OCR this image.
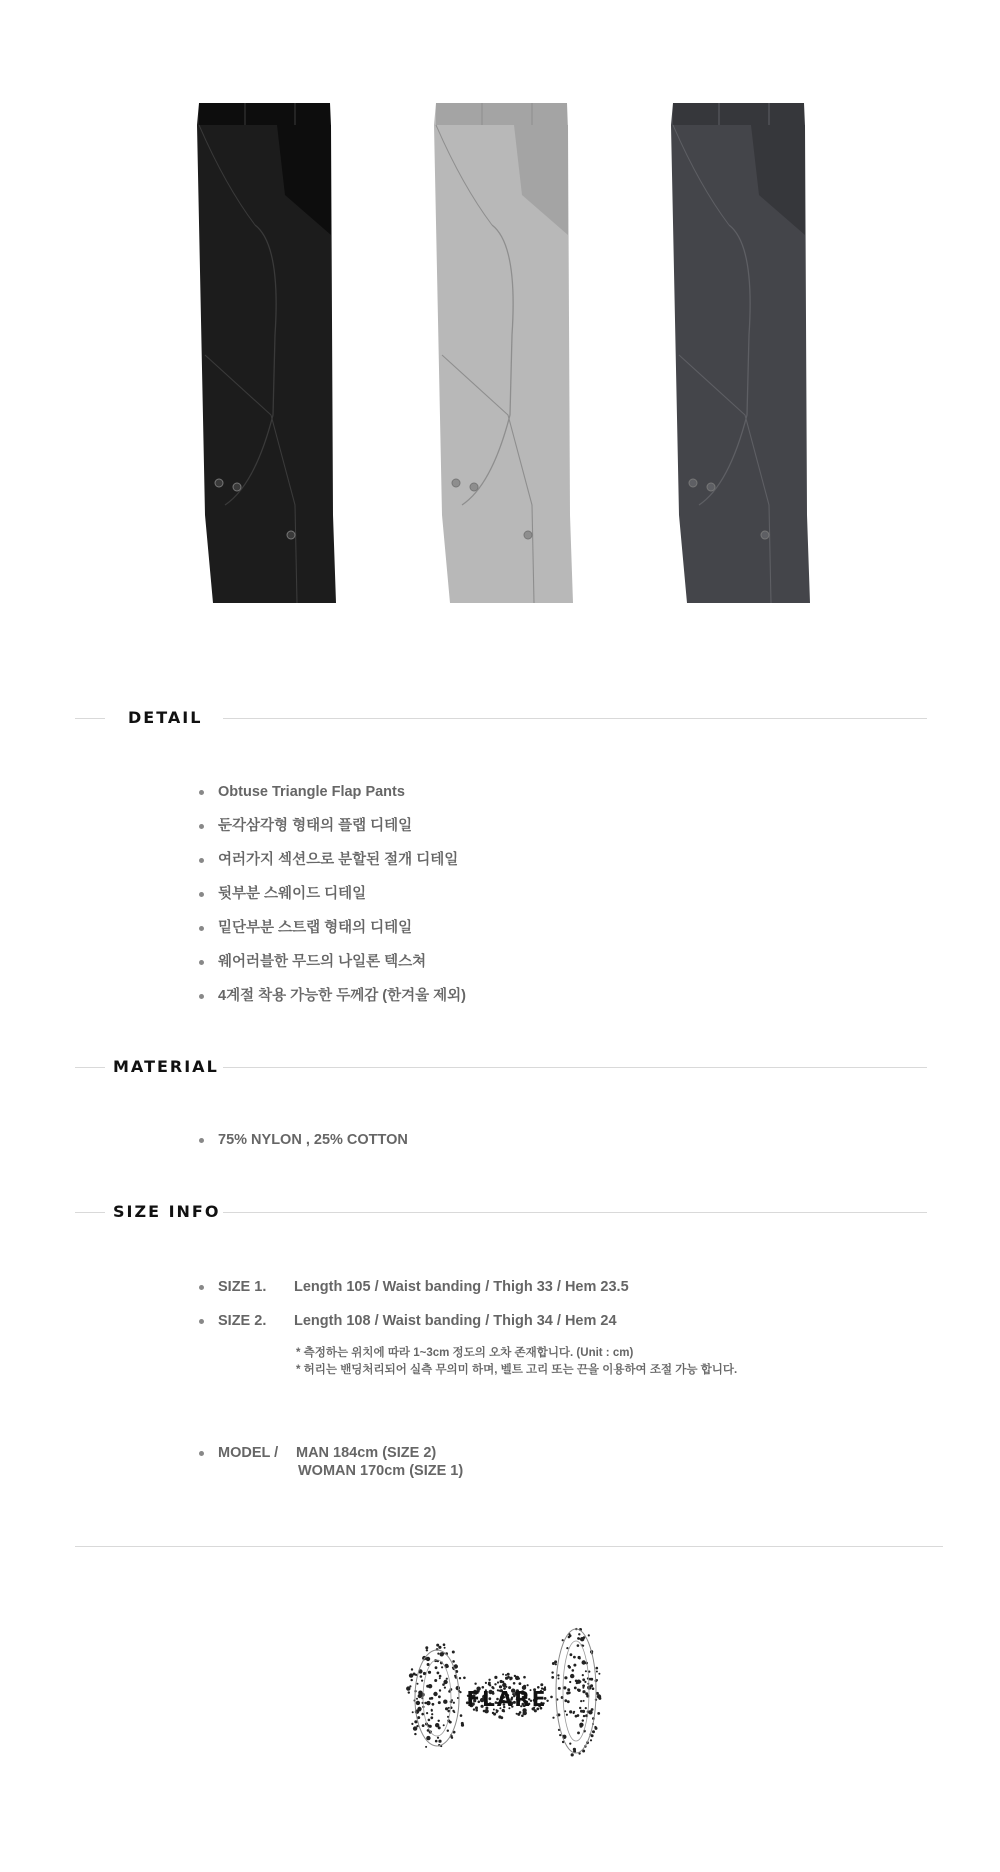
DETAIL
Obtuse Triangle Flap Pants
둔각삼각형 형태의 플랩 디테일
여러가지 섹션으로 분할된 절개 디테일
뒷부분 스웨이드 디테일
밑단부분 스트랩 형태의 디테일
웨어러블한 무드의 나일론 텍스쳐
4계절 착용 가능한 두께감 (한겨울 제외)
MATERIAL
75% NYLON , 25% COTTON
SIZE INFO
SIZE 1. Length 105 / Waist banding / Thigh 33 / Hem 23.5
SIZE 2. Length 108 / Waist banding / Thigh 34 / Hem 24
* 측정하는 위치에 따라 1~3cm 정도의 오차 존재합니다. (Unit : cm)
* 허리는 밴딩처리되어 실측 무의미 하며, 벨트 고리 또는 끈을 이용하여 조절 가능 합니다.
MODEL / MAN 184cm (SIZE 2)
WOMAN 170cm (SIZE 1)
FLARE
